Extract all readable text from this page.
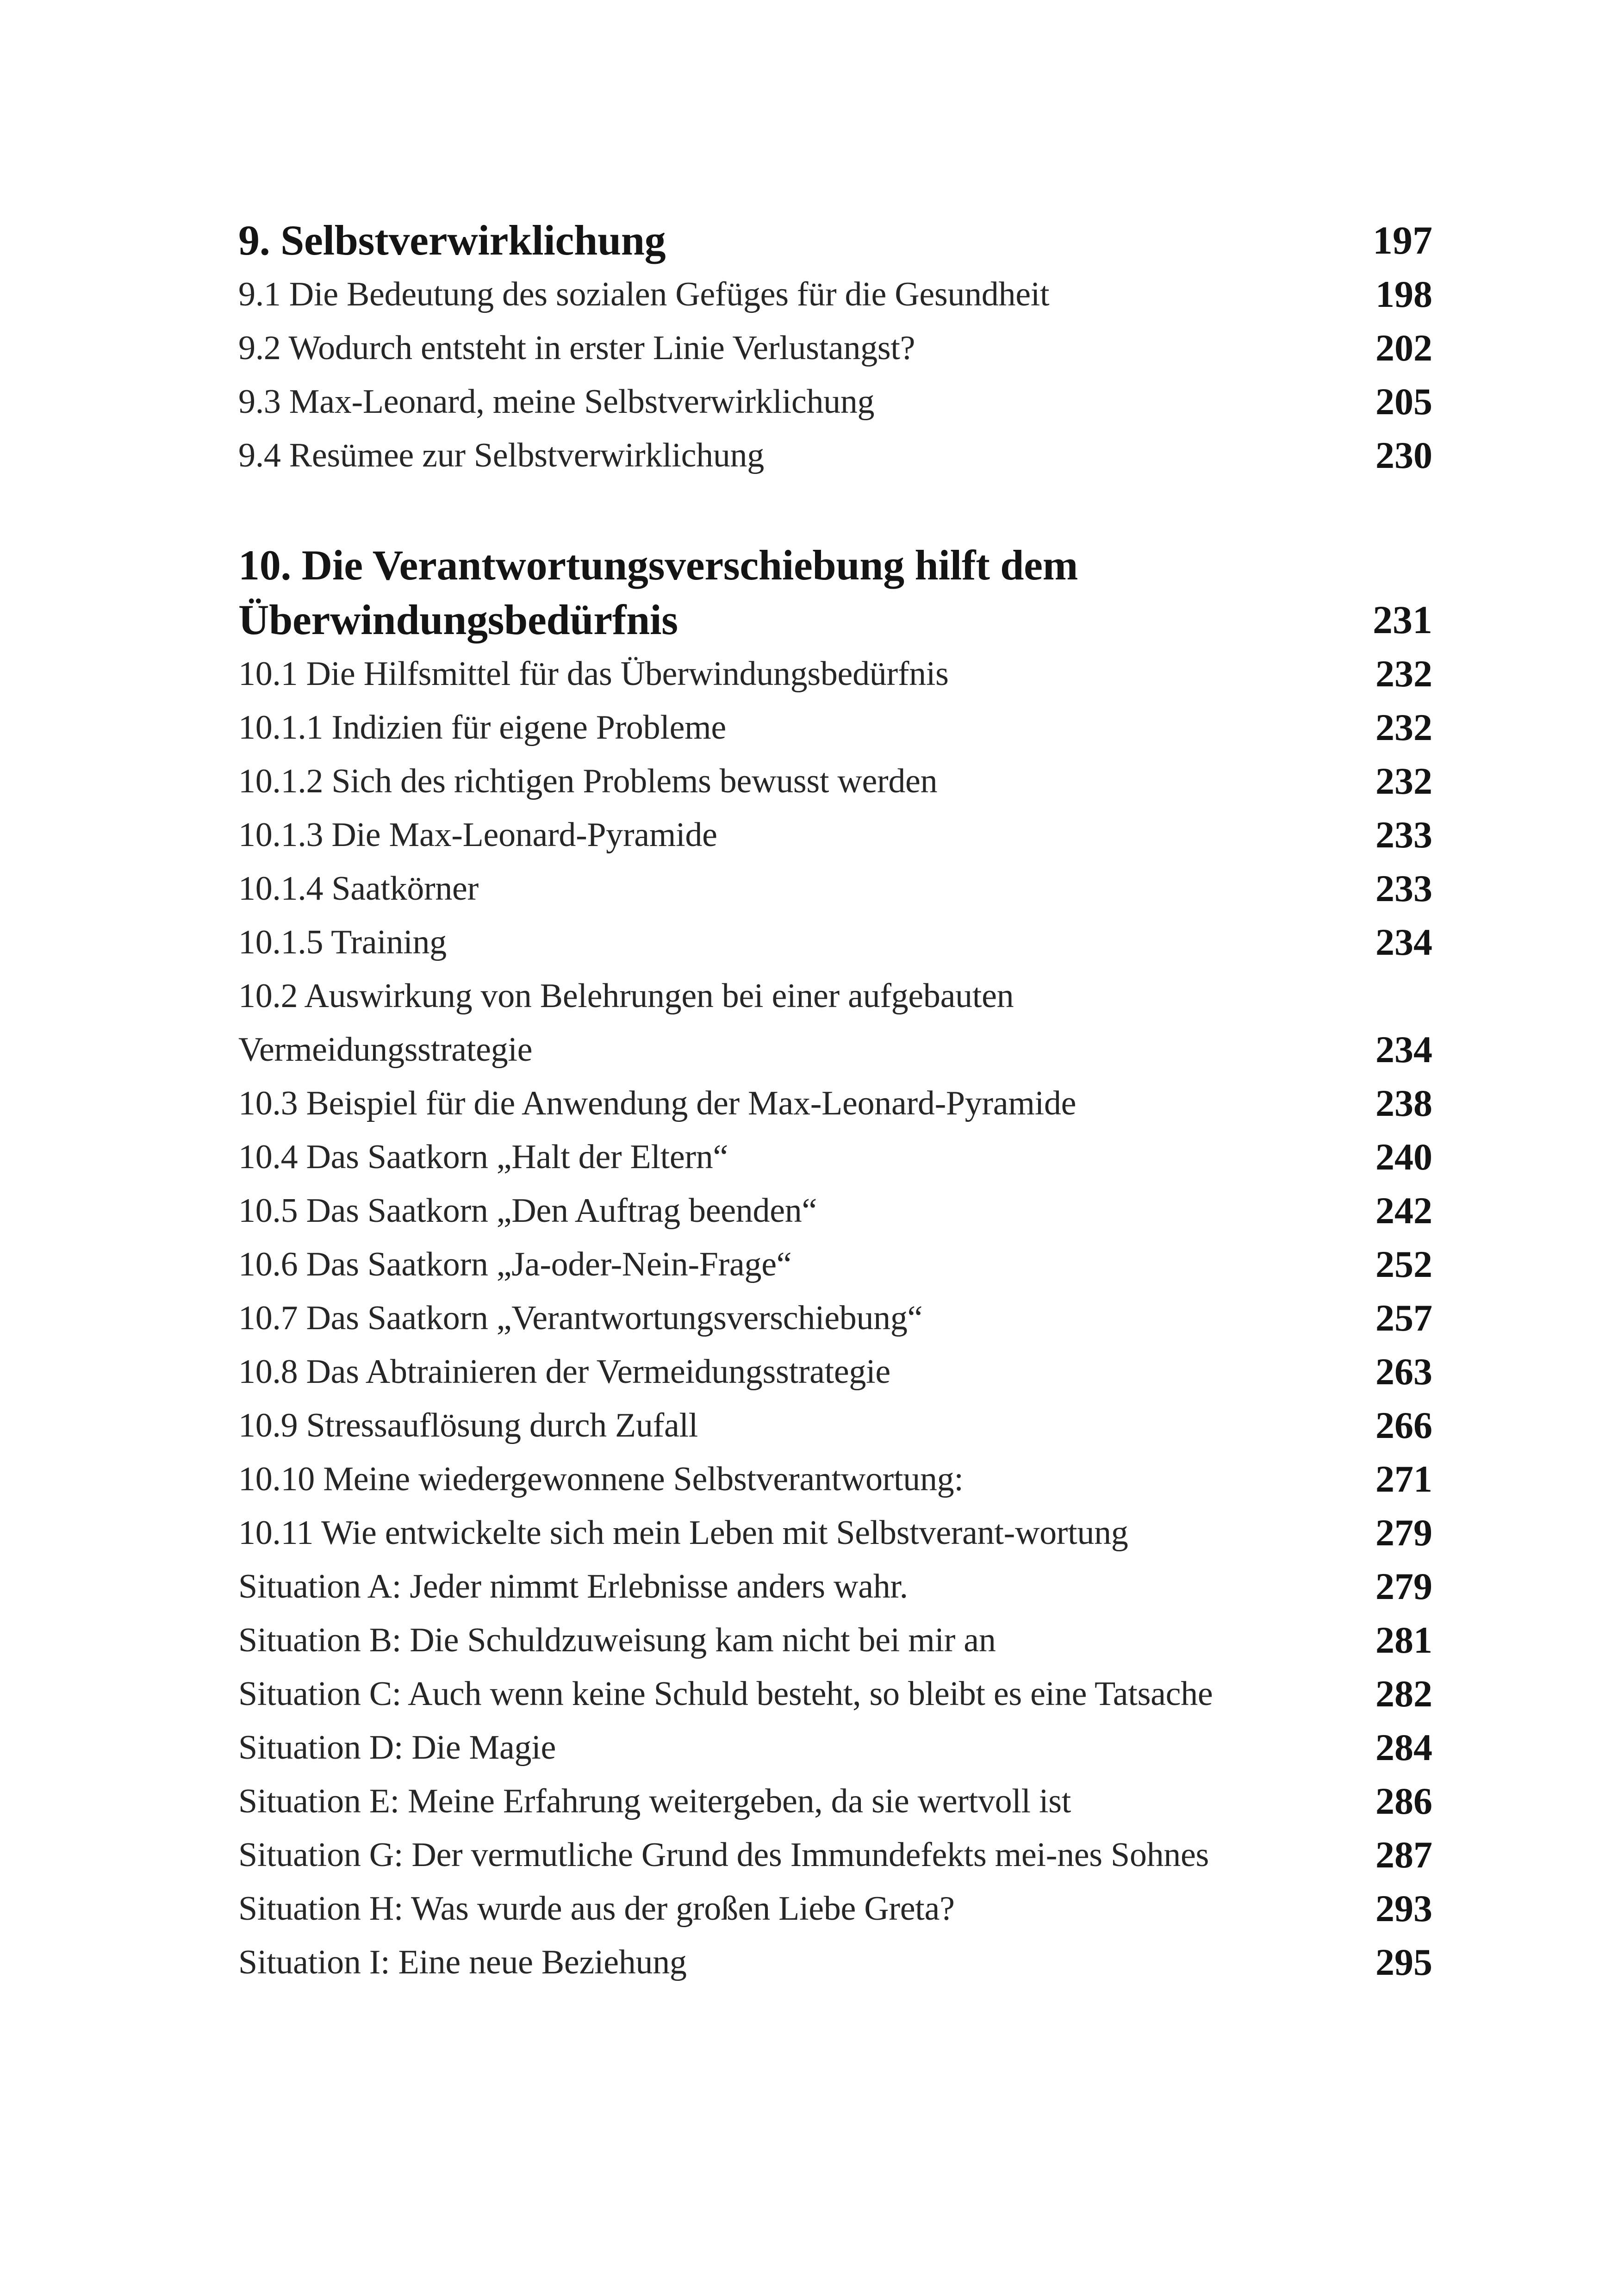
9. Selbstverwirklichung	197
9.1 Die Bedeutung des sozialen Gefüges für die Gesundheit	198
9.2 Wodurch entsteht in erster Linie Verlustangst?	202
9.3 Max-Leonard, meine Selbstverwirklichung	205
9.4 Resümee zur Selbstverwirklichung	230
10. Die Verantwortungsverschiebung hilft dem
Überwindungsbedürfnis	231
10.1 Die Hilfsmittel für das Überwindungsbedürfnis	232
10.1.1 Indizien für eigene Probleme	232
10.1.2 Sich des richtigen Problems bewusst werden	232
10.1.3 Die Max-Leonard-Pyramide	233
10.1.4 Saatkörner	233
10.1.5 Training	234
10.2 Auswirkung von Belehrungen bei einer aufgebauten
Vermeidungsstrategie	234
10.3 Beispiel für die Anwendung der Max-Leonard-Pyramide	238
10.4 Das Saatkorn „Halt der Eltern“	240
10.5 Das Saatkorn „Den Auftrag beenden“	242
10.6 Das Saatkorn „Ja-oder-Nein-Frage“	252
10.7 Das Saatkorn „Verantwortungsverschiebung“	257
10.8 Das Abtrainieren der Vermeidungsstrategie	263
10.9 Stressauflösung durch Zufall	266
10.10 Meine wiedergewonnene Selbstverantwortung:	271
10.11 Wie entwickelte sich mein Leben mit Selbstverant-wortung	279
Situation A: Jeder nimmt Erlebnisse anders wahr.	279
Situation B: Die Schuldzuweisung kam nicht bei mir an	281
Situation C: Auch wenn keine Schuld besteht, so bleibt es eine Tatsache	282
Situation D: Die Magie	284
Situation E: Meine Erfahrung weitergeben, da sie wertvoll ist	286
Situation G: Der vermutliche Grund des Immundefekts mei-nes Sohnes	287
Situation H: Was wurde aus der großen Liebe Greta?	293
Situation I: Eine neue Beziehung	295
